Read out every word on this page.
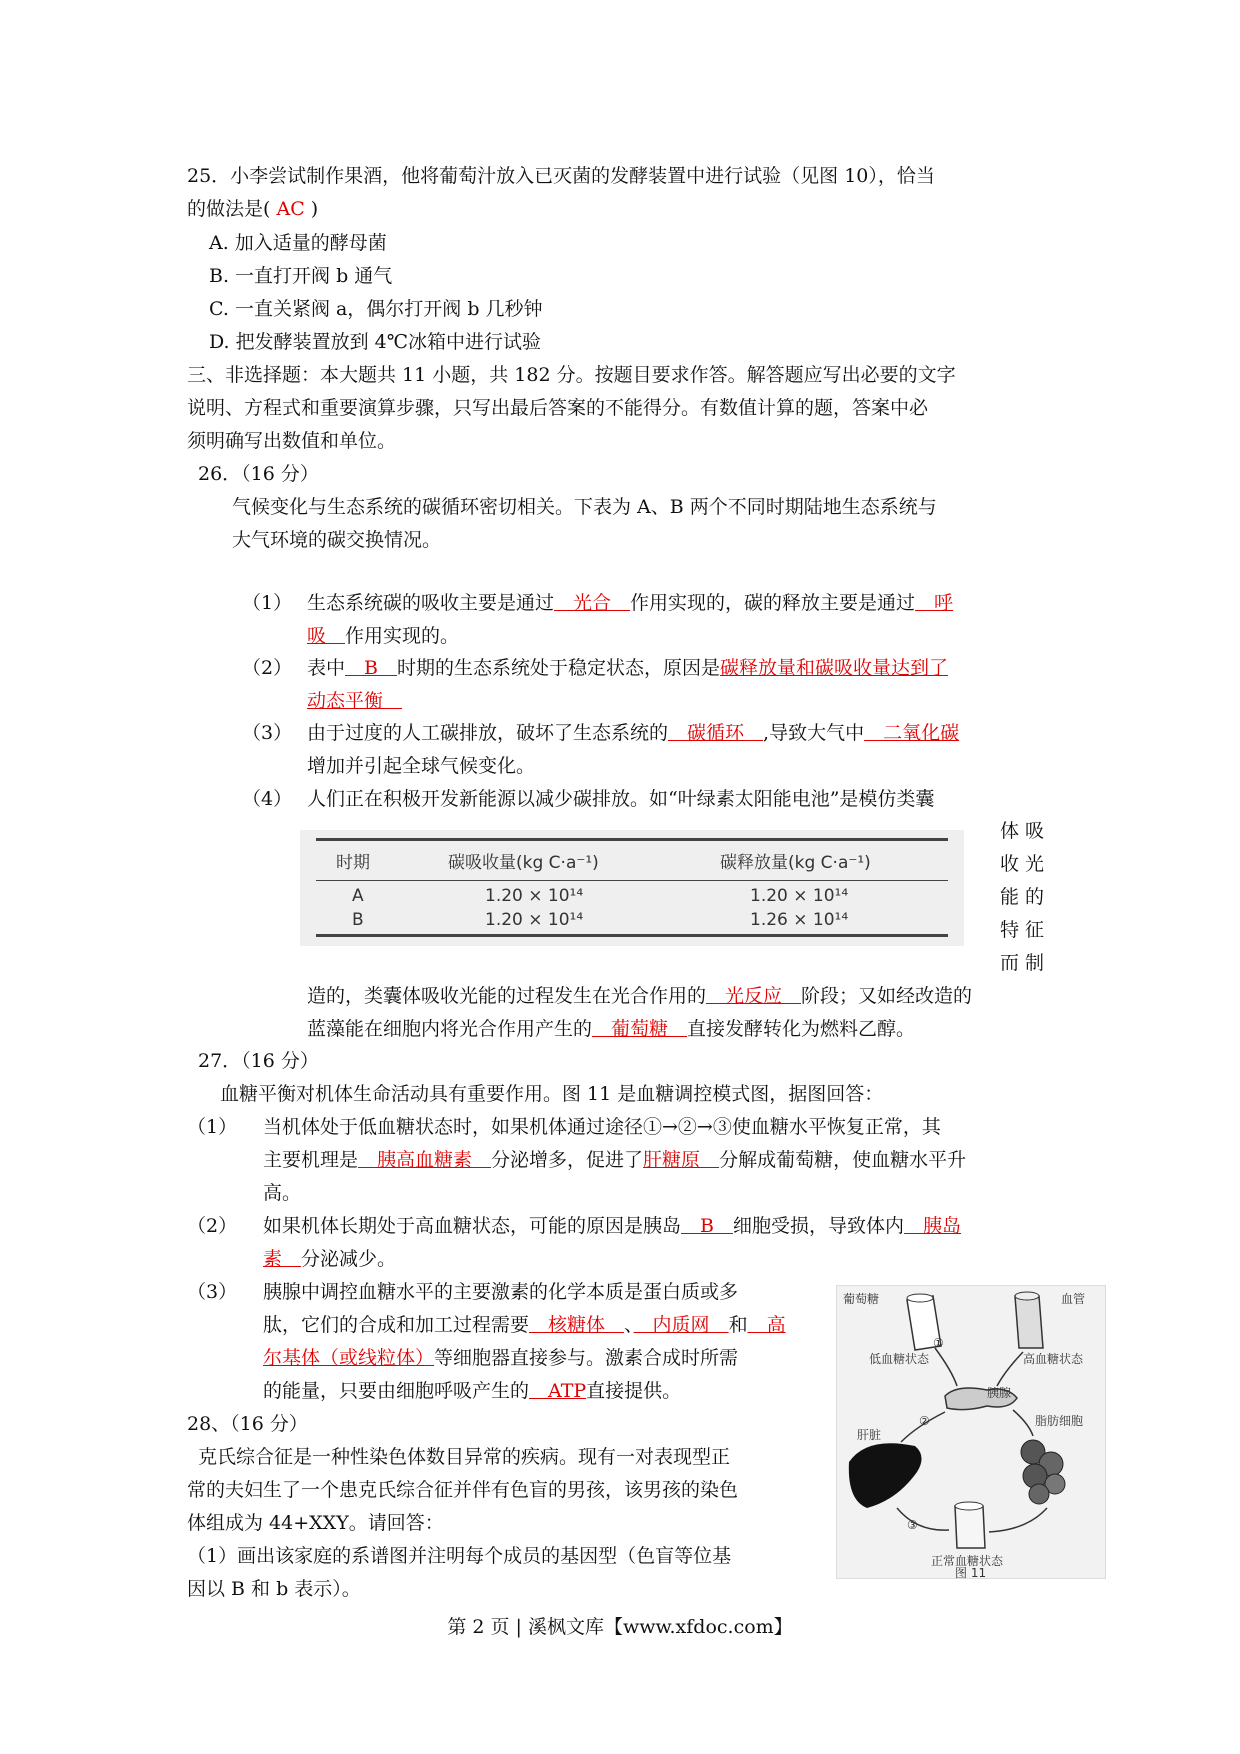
25．小李尝试制作果酒，他将葡萄汁放入已灭菌的发酵装置中进行试验（见图 10），恰当
的做法是( AC )
A. 加入适量的酵母菌
B. 一直打开阀 b 通气
C. 一直关紧阀 a，偶尔打开阀 b 几秒钟
D. 把发酵装置放到 4℃冰箱中进行试验
三、非选择题：本大题共 11 小题，共 182 分。按题目要求作答。解答题应写出必要的文字
说明、方程式和重要演算步骤，只写出最后答案的不能得分。有数值计算的题，答案中必
须明确写出数值和单位。
26．（16 分）
气候变化与生态系统的碳循环密切相关。下表为 A、B 两个不同时期陆地生态系统与
大气环境的碳交换情况。
（1） 生态系统碳的吸收主要是通过　光合　作用实现的，碳的释放主要是通过　呼
吸　作用实现的。
（2） 表中　B　时期的生态系统处于稳定状态，原因是碳释放量和碳吸收量达到了
动态平衡　
（3） 由于过度的人工碳排放，破坏了生态系统的　碳循环　,导致大气中　二氧化碳
增加并引起全球气候变化。
（4） 人们正在积极开发新能源以减少碳排放。如“叶绿素太阳能电池”是模仿类囊
体 吸
收 光
能 的
特 征
而 制
时期	碳吸收量(kg C·a⁻¹)	碳释放量(kg C·a⁻¹)
A	1.20 × 10¹⁴	1.20 × 10¹⁴
B	1.20 × 10¹⁴	1.26 × 10¹⁴
造的，类囊体吸收光能的过程发生在光合作用的　光反应　阶段；又如经改造的
蓝藻能在细胞内将光合作用产生的　葡萄糖　直接发酵转化为燃料乙醇。
27．（16 分）
血糖平衡对机体生命活动具有重要作用。图 11 是血糖调控模式图，据图回答：
（1） 当机体处于低血糖状态时，如果机体通过途径①→②→③使血糖水平恢复正常，其
主要机理是　胰高血糖素　分泌增多，促进了肝糖原　分解成葡萄糖，使血糖水平升
高。
（2） 如果机体长期处于高血糖状态，可能的原因是胰岛　B　细胞受损，导致体内　胰岛
素　分泌减少。
（3） 胰腺中调控血糖水平的主要激素的化学本质是蛋白质或多
肽，它们的合成和加工过程需要　核糖体　、　内质网　和　高
尔基体（或线粒体）等细胞器直接参与。激素合成时所需
的能量，只要由细胞呼吸产生的　ATP直接提供。
葡萄糖	血管
低血糖状态	高血糖状态
胰腺
肝脏
脂肪细胞
①
②
③
正常血糖状态
图 11
28、（16 分）
克氏综合征是一种性染色体数目异常的疾病。现有一对表现型正
常的夫妇生了一个患克氏综合征并伴有色盲的男孩，该男孩的染色
体组成为 44+XXY。请回答：
（1）画出该家庭的系谱图并注明每个成员的基因型（色盲等位基
因以 B 和 b 表示）。
第 2 页 | 溪枫文库【www.xfdoc.com】
